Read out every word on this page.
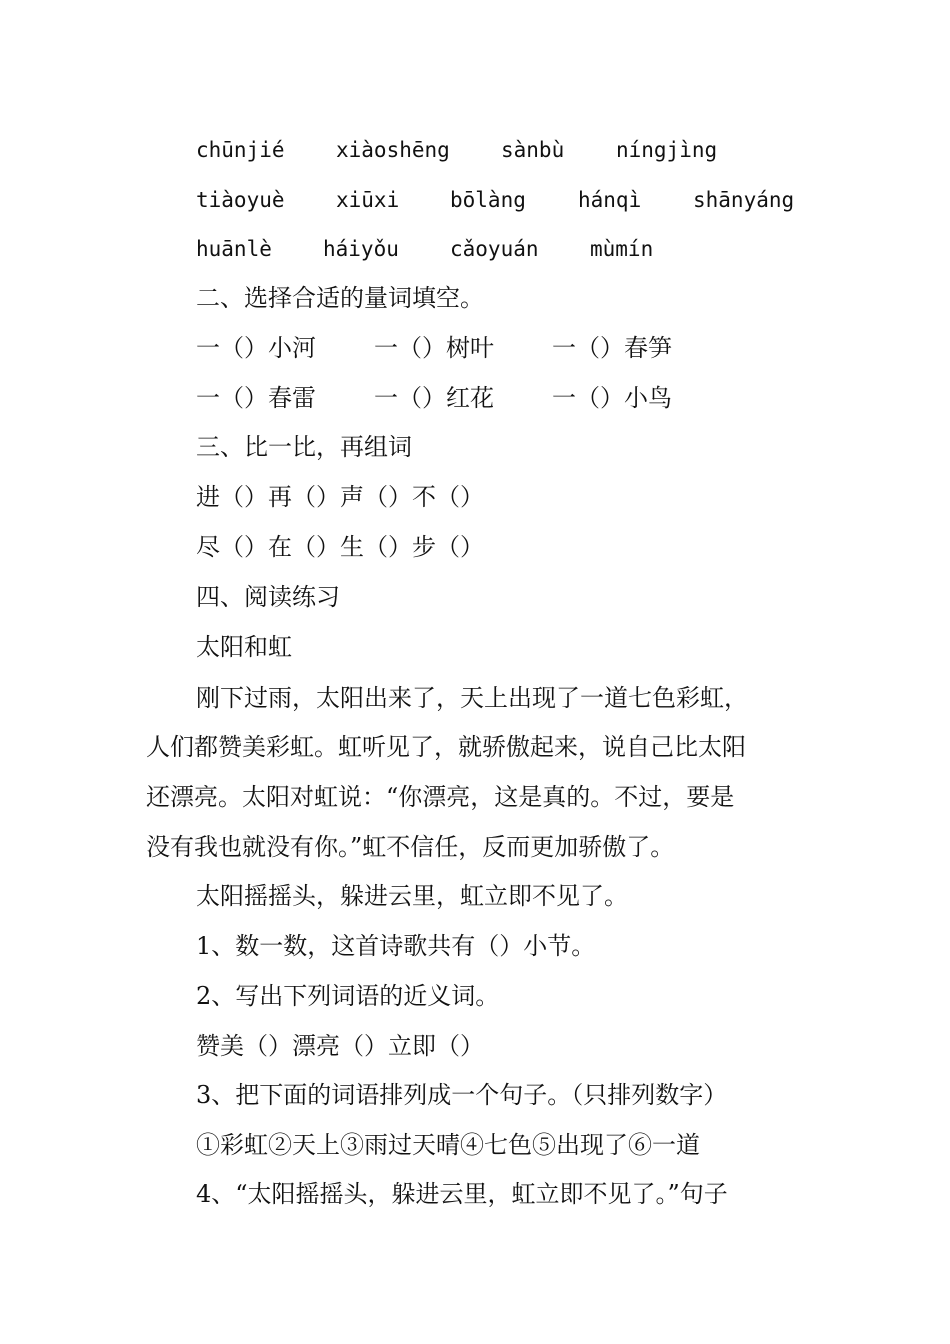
chūnjié xiàoshēng sànbù níngjìng
tiàoyuè xiūxi bōlàng hánqì shānyáng
huānlè háiyǒu cǎoyuán mùmín
二、选择合适的量词填空。
一（）小河 一（）树叶 一（）春笋
一（）春雷 一（）红花 一（）小鸟
三、比一比，再组词
进（）再（）声（）不（）
尽（）在（）生（）步（）
四、阅读练习
太阳和虹
刚下过雨，太阳出来了，天上出现了一道七色彩虹，
人们都赞美彩虹。虹听见了，就骄傲起来，说自己比太阳
还漂亮。太阳对虹说：“你漂亮，这是真的。不过，要是
没有我也就没有你。”虹不信任，反而更加骄傲了。
太阳摇摇头，躲进云里，虹立即不见了。
1、数一数，这首诗歌共有（）小节。
2、写出下列词语的近义词。
赞美（）漂亮（）立即（）
3、把下面的词语排列成一个句子。（只排列数字）
①彩虹②天上③雨过天晴④七色⑤出现了⑥一道
4、“太阳摇摇头，躲进云里，虹立即不见了。”句子
